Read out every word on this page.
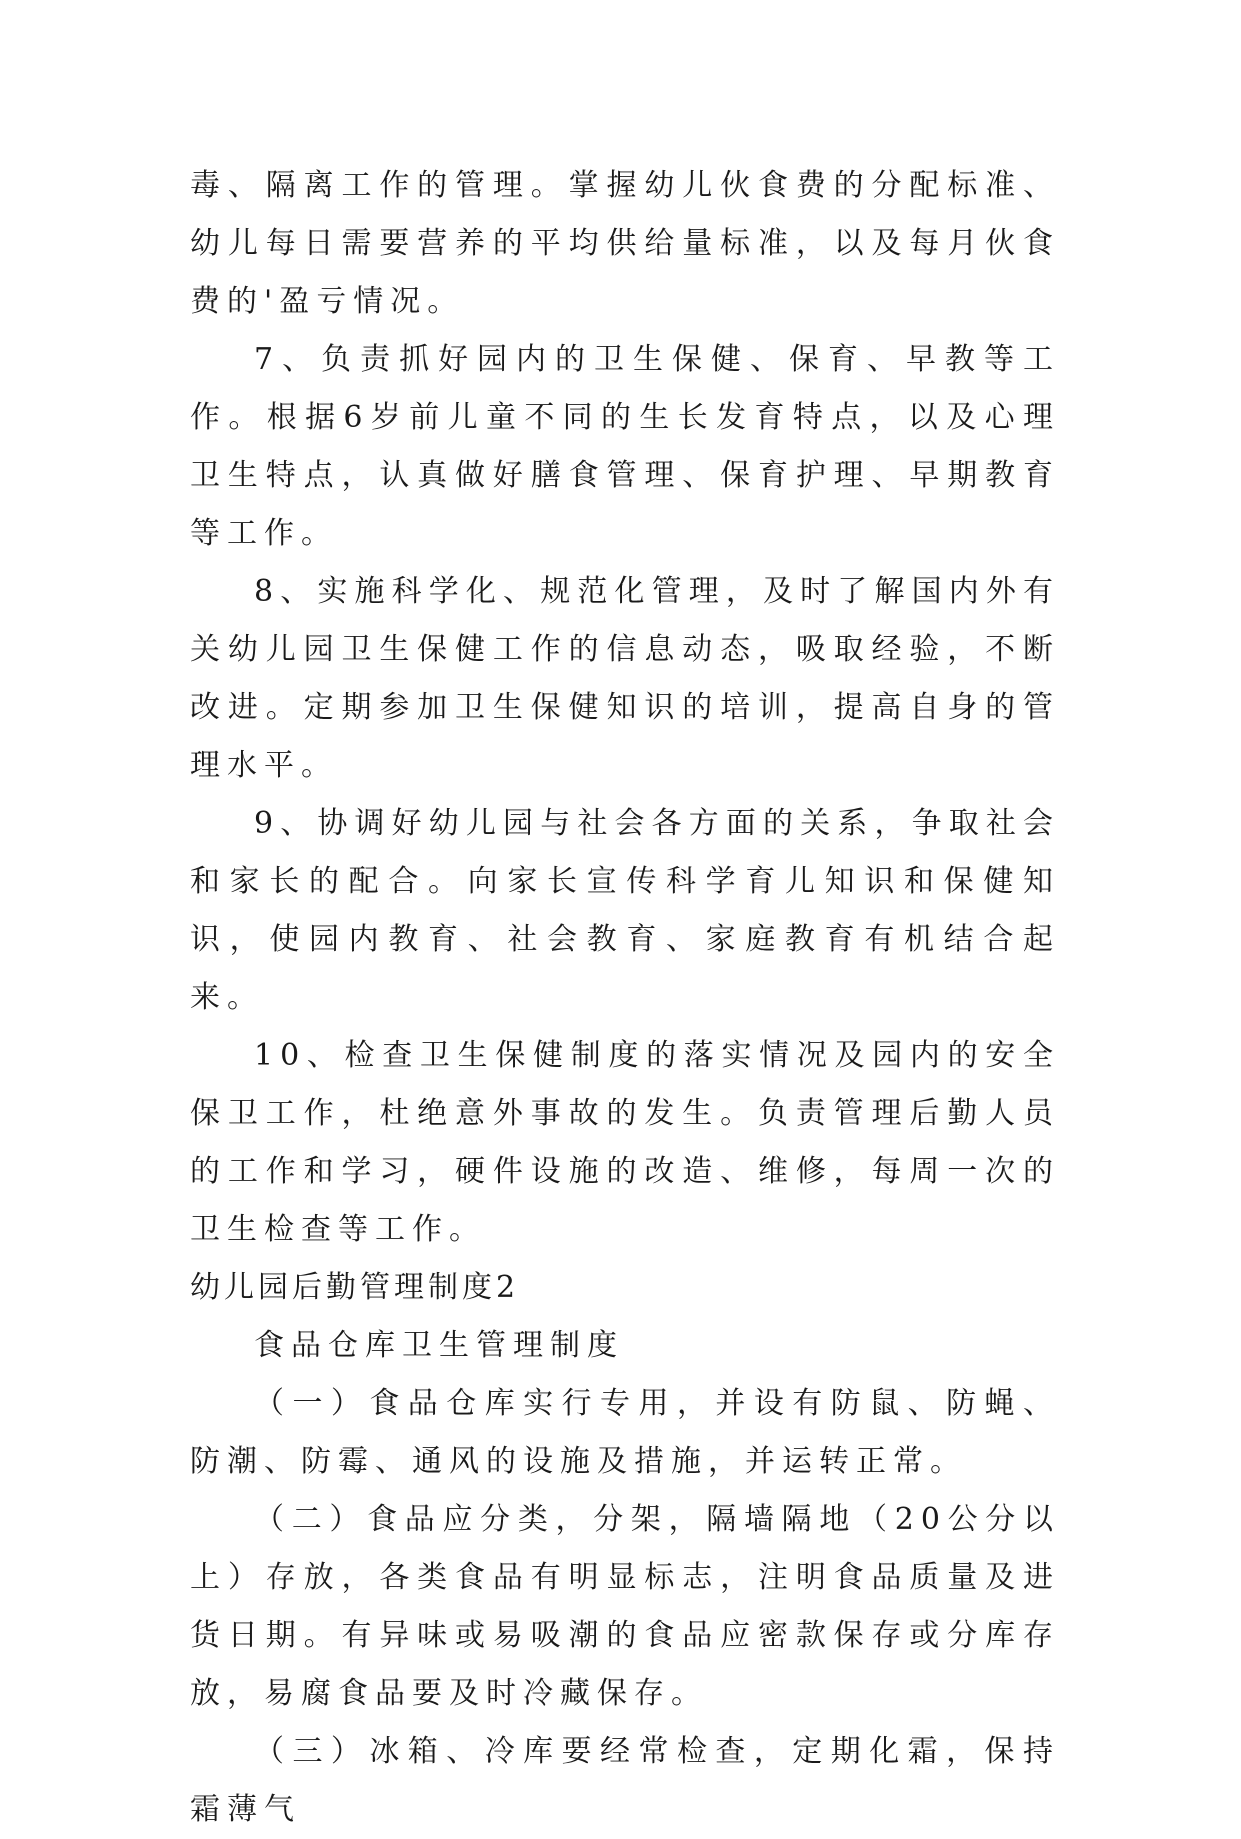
毒、隔离工作的管理。掌握幼儿伙食费的分配标准、幼儿每日需要营养的平均供给量标准，以及每月伙食费的'盈亏情况。

7、负责抓好园内的卫生保健、保育、早教等工作。根据6岁前儿童不同的生长发育特点，以及心理卫生特点，认真做好膳食管理、保育护理、早期教育等工作。

8、实施科学化、规范化管理，及时了解国内外有关幼儿园卫生保健工作的信息动态，吸取经验，不断改进。定期参加卫生保健知识的培训，提高自身的管理水平。

9、协调好幼儿园与社会各方面的关系，争取社会和家长的配合。向家长宣传科学育儿知识和保健知识，使园内教育、社会教育、家庭教育有机结合起来。

10、检查卫生保健制度的落实情况及园内的安全保卫工作，杜绝意外事故的发生。负责管理后勤人员的工作和学习，硬件设施的改造、维修，每周一次的卫生检查等工作。

幼儿园后勤管理制度2

食品仓库卫生管理制度

（一）食品仓库实行专用，并设有防鼠、防蝇、防潮、防霉、通风的设施及措施，并运转正常。

（二）食品应分类，分架，隔墙隔地（20公分以上）存放，各类食品有明显标志，注明食品质量及进货日期。有异味或易吸潮的食品应密款保存或分库存放，易腐食品要及时冷藏保存。

（三）冰箱、冷库要经常检查，定期化霜，保持霜薄气
